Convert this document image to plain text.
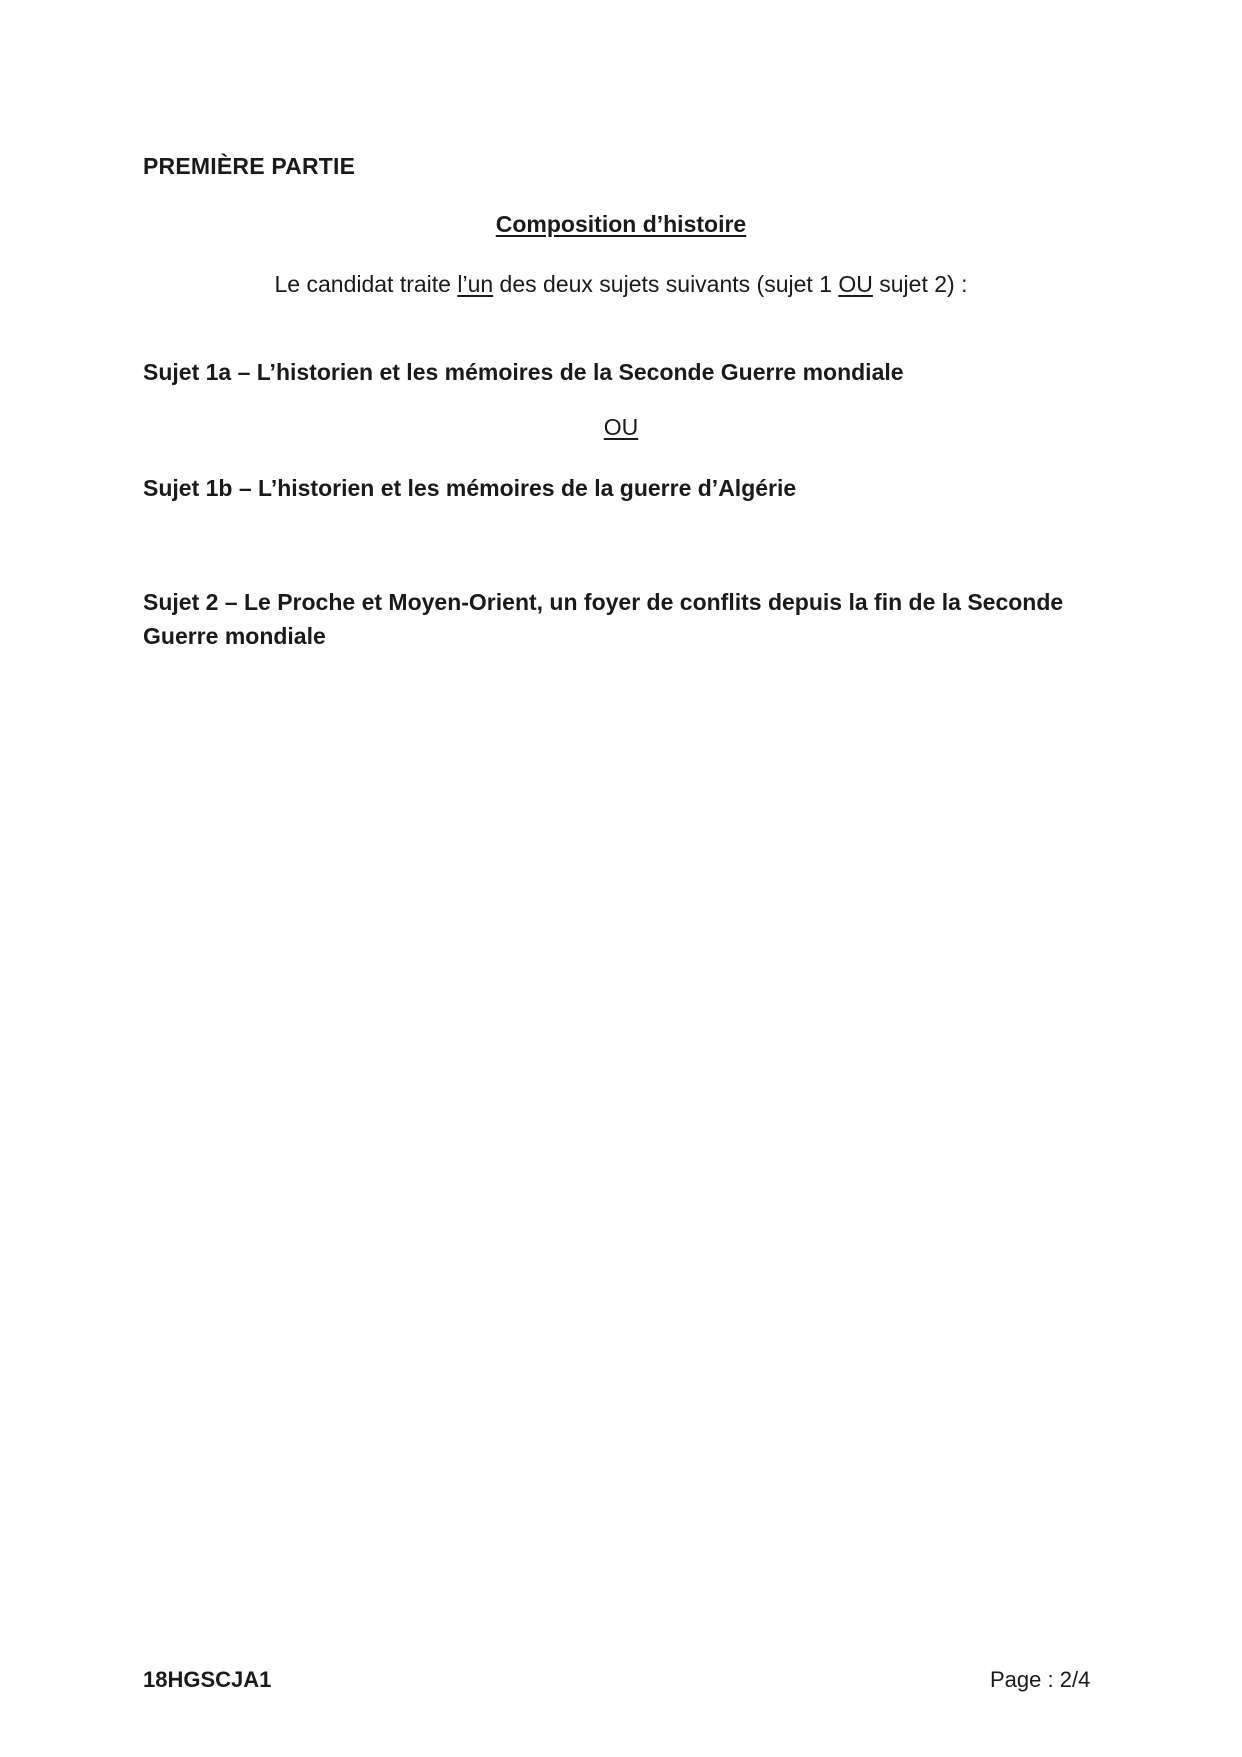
PREMIÈRE PARTIE
Composition d’histoire
Le candidat traite l’un des deux sujets suivants (sujet 1 OU sujet 2) :
Sujet 1a – L’historien et les mémoires de la Seconde Guerre mondiale
OU
Sujet 1b – L’historien et les mémoires de la guerre d’Algérie
Sujet 2 – Le Proche et Moyen-Orient, un foyer de conflits depuis la fin de la Seconde Guerre mondiale
18HGSCJA1	Page : 2/4
